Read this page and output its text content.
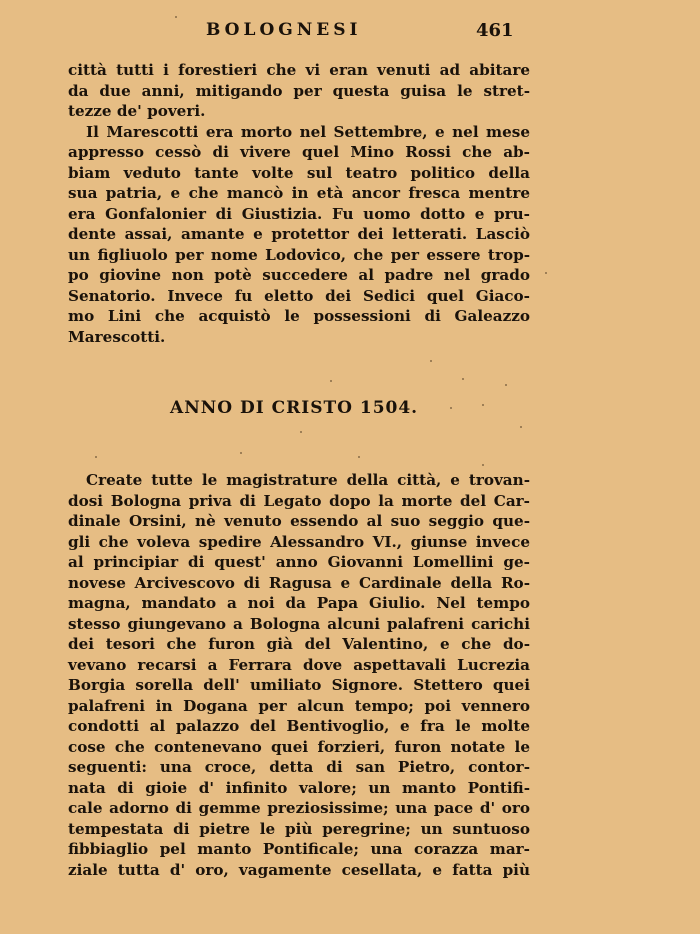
BOLOGNESI	461
città tutti i forestieri che vi eran venuti ad abitare
da due anni, mitigando per questa guisa le stret-
tezze de' poveri.
Il Marescotti era morto nel Settembre, e nel mese
appresso cessò di vivere quel Mino Rossi che ab-
biam veduto tante volte sul teatro politico della
sua patria, e che mancò in età ancor fresca mentre
era Gonfalonier di Giustizia. Fu uomo dotto e pru-
dente assai, amante e protettor dei letterati. Lasciò
un figliuolo per nome Lodovico, che per essere trop-
po giovine non potè succedere al padre nel grado
Senatorio. Invece fu eletto dei Sedici quel Giaco-
mo Lini che acquistò le possessioni di Galeazzo
Marescotti.
ANNO DI CRISTO 1504.
Create tutte le magistrature della città, e trovan-
dosi Bologna priva di Legato dopo la morte del Car-
dinale Orsini, nè venuto essendo al suo seggio que-
gli che voleva spedire Alessandro VI., giunse invece
al principiar di quest' anno Giovanni Lomellini ge-
novese Arcivescovo di Ragusa e Cardinale della Ro-
magna, mandato a noi da Papa Giulio. Nel tempo
stesso giungevano a Bologna alcuni palafreni carichi
dei tesori che furon già del Valentino, e che do-
vevano recarsi a Ferrara dove aspettavali Lucrezia
Borgia sorella dell' umiliato Signore. Stettero quei
palafreni in Dogana per alcun tempo; poi vennero
condotti al palazzo del Bentivoglio, e fra le molte
cose che contenevano quei forzieri, furon notate le
seguenti: una croce, detta di san Pietro, contor-
nata di gioie d' infinito valore; un manto Pontifi-
cale adorno di gemme preziosissime; una pace d' oro
tempestata di pietre le più peregrine; un suntuoso
fibbiaglio pel manto Pontificale; una corazza mar-
ziale tutta d' oro, vagamente cesellata, e fatta più
